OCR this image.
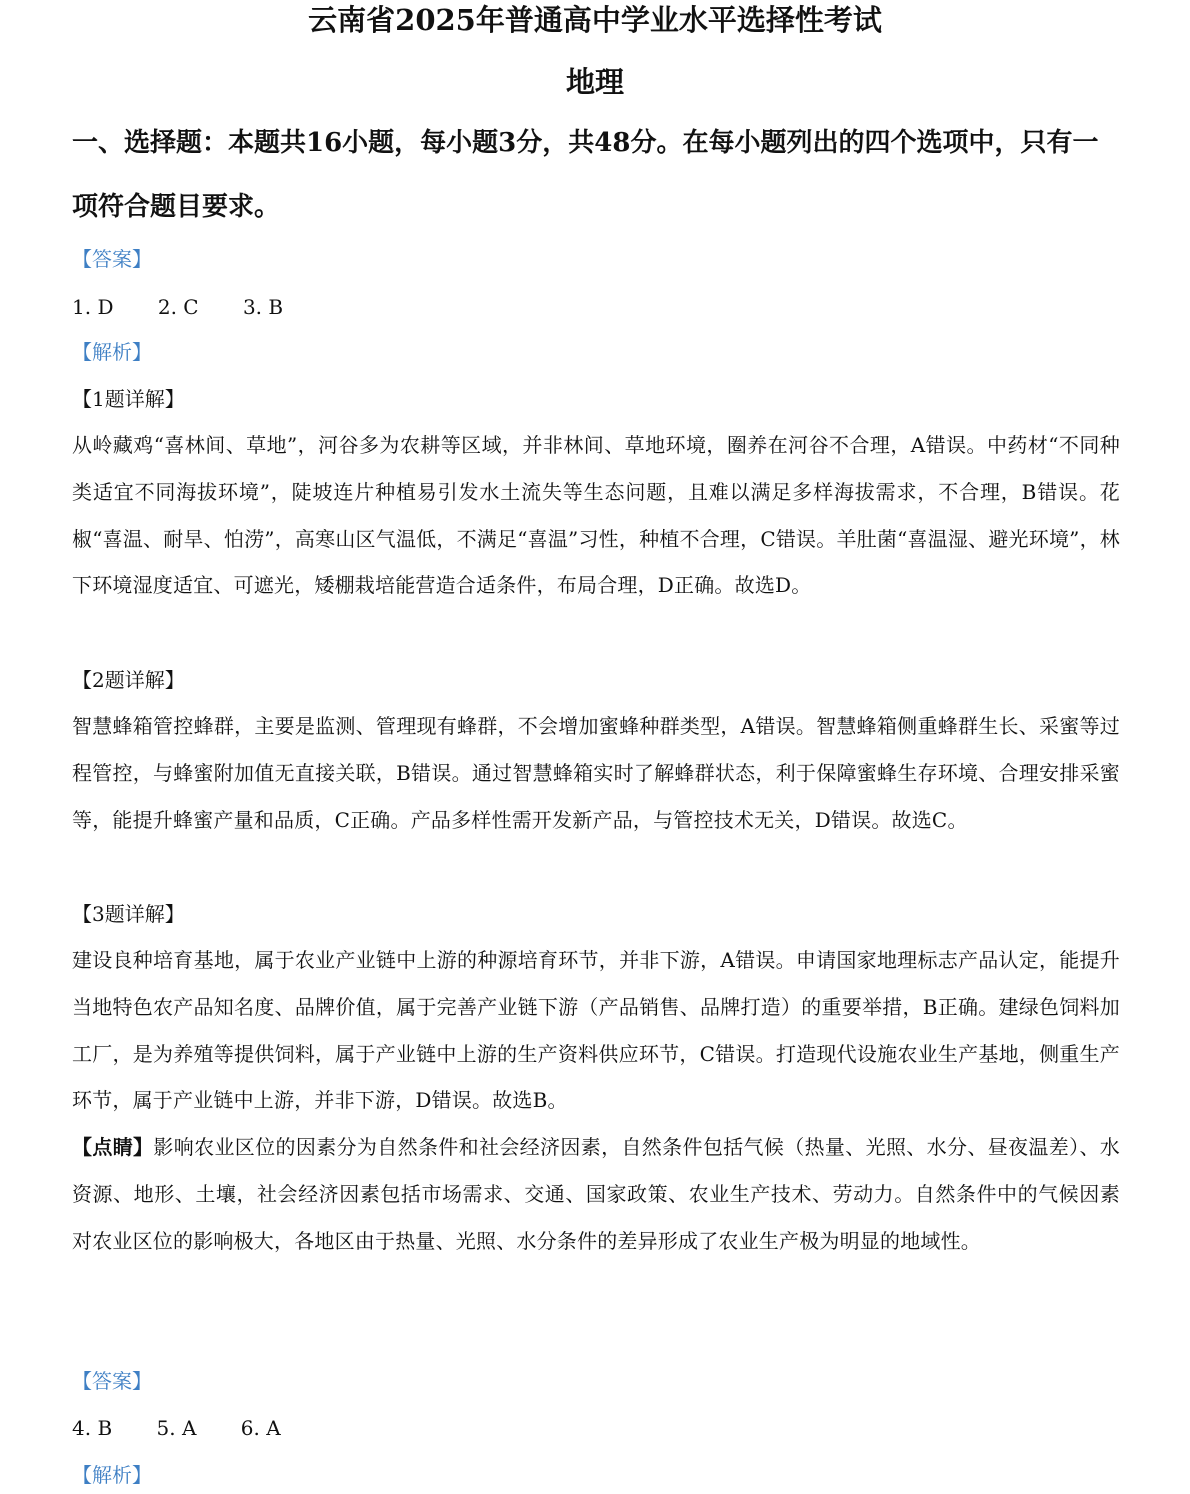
云南省2025年普通高中学业水平选择性考试
地理

一、选择题：本题共16小题，每小题3分，共48分。在每小题列出的四个选项中，只有一项符合题目要求。

【答案】
1. D 2. C 3. B
【解析】
【1题详解】

从岭藏鸡“喜林间、草地”，河谷多为农耕等区域，并非林间、草地环境，圈养在河谷不合理，A错误。中药材“不同种类适宜不同海拔环境”，陡坡连片种植易引发水土流失等生态问题，且难以满足多样海拔需求，不合理，B错误。花椒“喜温、耐旱、怕涝”，高寒山区气温低，不满足“喜温”习性，种植不合理，C错误。羊肚菌“喜温湿、避光环境”，林下环境湿度适宜、可遮光，矮棚栽培能营造合适条件，布局合理，D正确。故选D。

【2题详解】

智慧蜂箱管控蜂群，主要是监测、管理现有蜂群，不会增加蜜蜂种群类型，A错误。智慧蜂箱侧重蜂群生长、采蜜等过程管控，与蜂蜜附加值无直接关联，B错误。通过智慧蜂箱实时了解蜂群状态，利于保障蜜蜂生存环境、合理安排采蜜等，能提升蜂蜜产量和品质，C正确。产品多样性需开发新产品，与管控技术无关，D错误。故选C。

【3题详解】

建设良种培育基地，属于农业产业链中上游的种源培育环节，并非下游，A错误。申请国家地理标志产品认定，能提升当地特色农产品知名度、品牌价值，属于完善产业链下游（产品销售、品牌打造）的重要举措，B正确。建绿色饲料加工厂，是为养殖等提供饲料，属于产业链中上游的生产资料供应环节，C错误。打造现代设施农业生产基地，侧重生产环节，属于产业链中上游，并非下游，D错误。故选B。

【点睛】影响农业区位的因素分为自然条件和社会经济因素，自然条件包括气候（热量、光照、水分、昼夜温差）、水资源、地形、土壤，社会经济因素包括市场需求、交通、国家政策、农业生产技术、劳动力。自然条件中的气候因素对农业区位的影响极大，各地区由于热量、光照、水分条件的差异形成了农业生产极为明显的地域性。

【答案】
4. B 5. A 6. A
【解析】
